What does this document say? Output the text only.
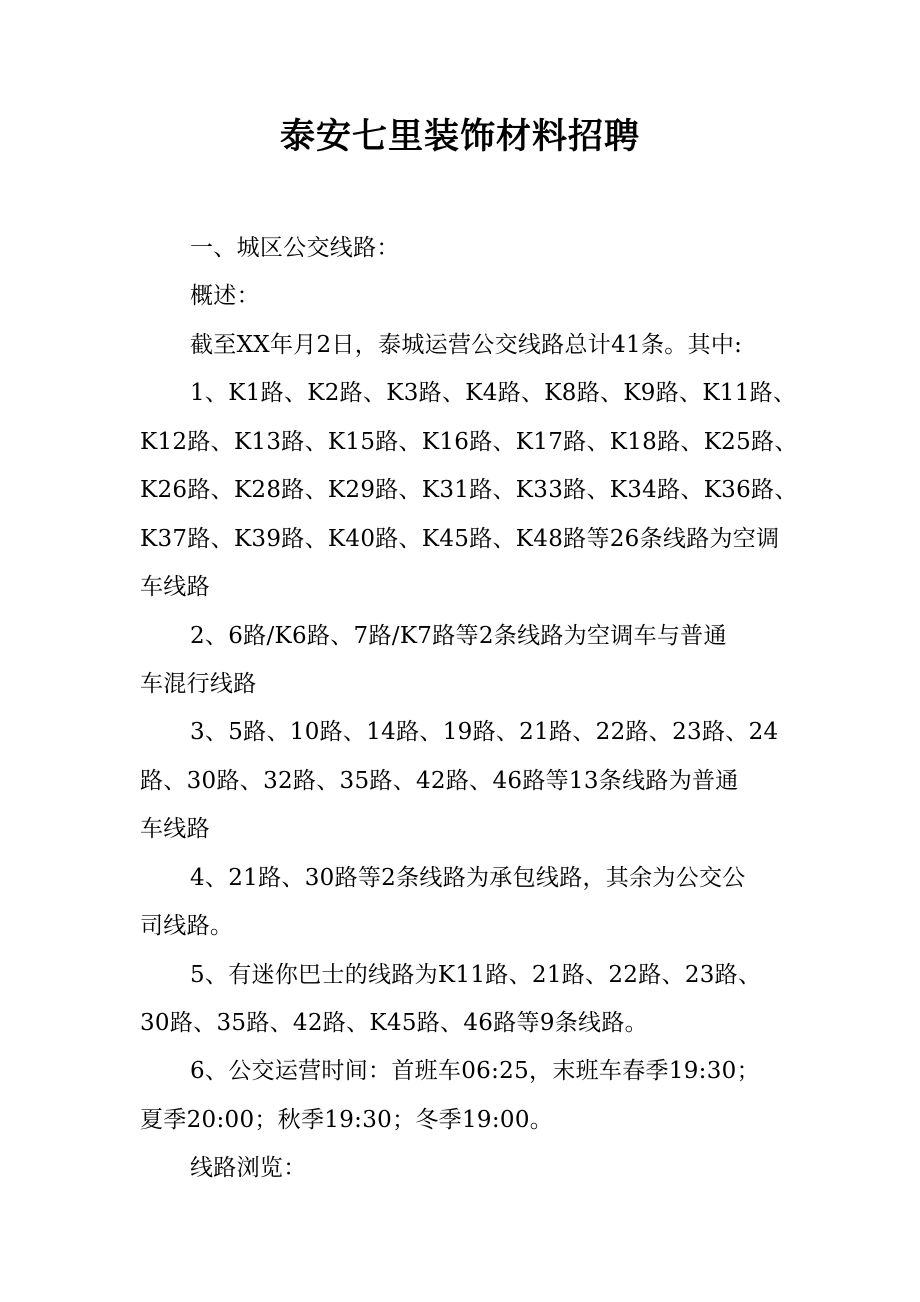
泰安七里装饰材料招聘
一、城区公交线路：
概述：
截至XX年月2日，泰城运营公交线路总计41条。其中:
1、K1路、K2路、K3路、K4路、K8路、K9路、K11路、
K12路、K13路、K15路、K16路、K17路、K18路、K25路、
K26路、K28路、K29路、K31路、K33路、K34路、K36路、
K37路、K39路、K40路、K45路、K48路等26条线路为空调
车线路
2、6路/K6路、7路/K7路等2条线路为空调车与普通
车混行线路
3、5路、10路、14路、19路、21路、22路、23路、24
路、30路、32路、35路、42路、46路等13条线路为普通
车线路
4、21路、30路等2条线路为承包线路，其余为公交公
司线路。
5、有迷你巴士的线路为K11路、21路、22路、23路、
30路、35路、42路、K45路、46路等9条线路。
6、公交运营时间：首班车06:25，末班车春季19:30；
夏季20:00；秋季19:30；冬季19:00。
线路浏览：
